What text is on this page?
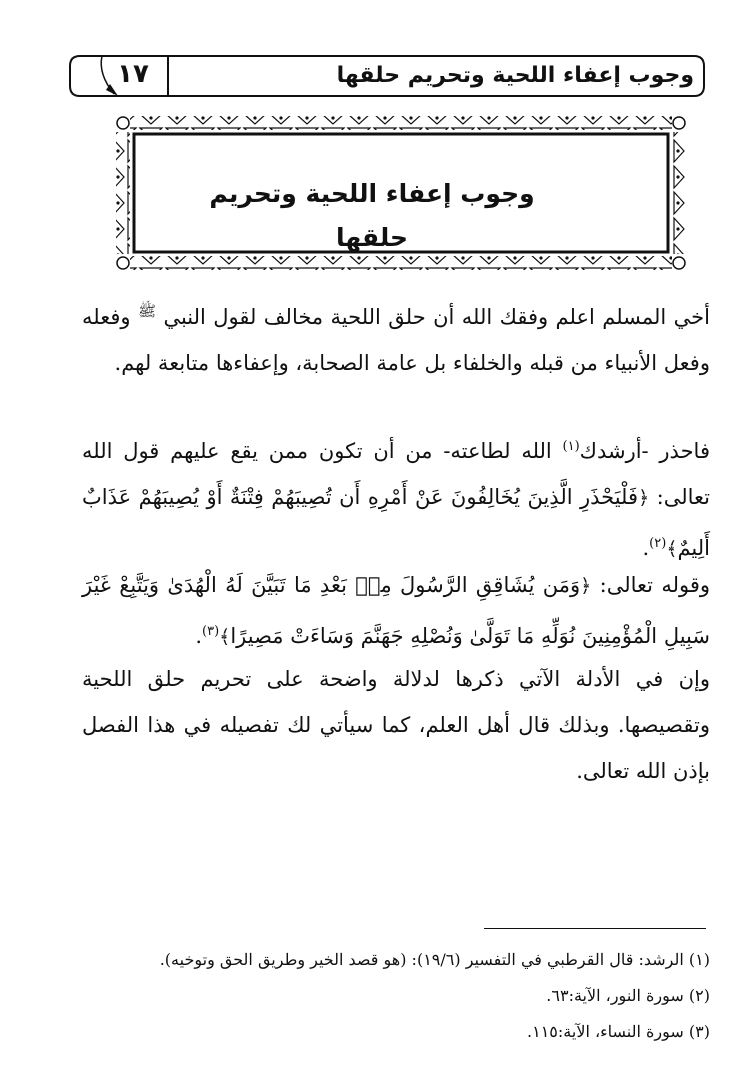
وجوب إعفاء اللحية وتحريم حلقها
١٧
وجوب إعفاء اللحية وتحريم حلقها
أخي المسلم اعلم وفقك الله أن حلق اللحية مخالف لقول النبي $^ﷺ$ وفعله وفعل الأنبياء من قبله والخلفاء بل عامة الصحابة، وإعفاءها متابعة لهم.
فاحذر -أرشدك$^{(١)}$ الله لطاعته- من أن تكون ممن يقع عليهم قول الله تعالى: ﴿فَلْيَحْذَرِ الَّذِينَ يُخَالِفُونَ عَنْ أَمْرِهِ أَن تُصِيبَهُمْ فِتْنَةٌ أَوْ يُصِيبَهُمْ عَذَابٌ أَلِيمٌ﴾$^{(٢)}$.
وقوله تعالى: ﴿وَمَن يُشَاقِقِ الرَّسُولَ مِنۢ بَعْدِ مَا تَبَيَّنَ لَهُ الْهُدَىٰ وَيَتَّبِعْ غَيْرَ سَبِيلِ الْمُؤْمِنِينَ نُوَلِّهِ مَا تَوَلَّىٰ وَنُصْلِهِ جَهَنَّمَ وَسَاءَتْ مَصِيرًا﴾$^{(٣)}$.
وإن في الأدلة الآتي ذكرها لدلالة واضحة على تحريم حلق اللحية وتقصيصها. وبذلك قال أهل العلم، كما سيأتي لك تفصيله في هذا الفصل بإذن الله تعالى.
(١) الرشد: قال القرطبي في التفسير (١٩/٦): (هو قصد الخير وطريق الحق وتوخيه).
(٢) سورة النور، الآية:٦٣.
(٣) سورة النساء، الآية:١١٥.
